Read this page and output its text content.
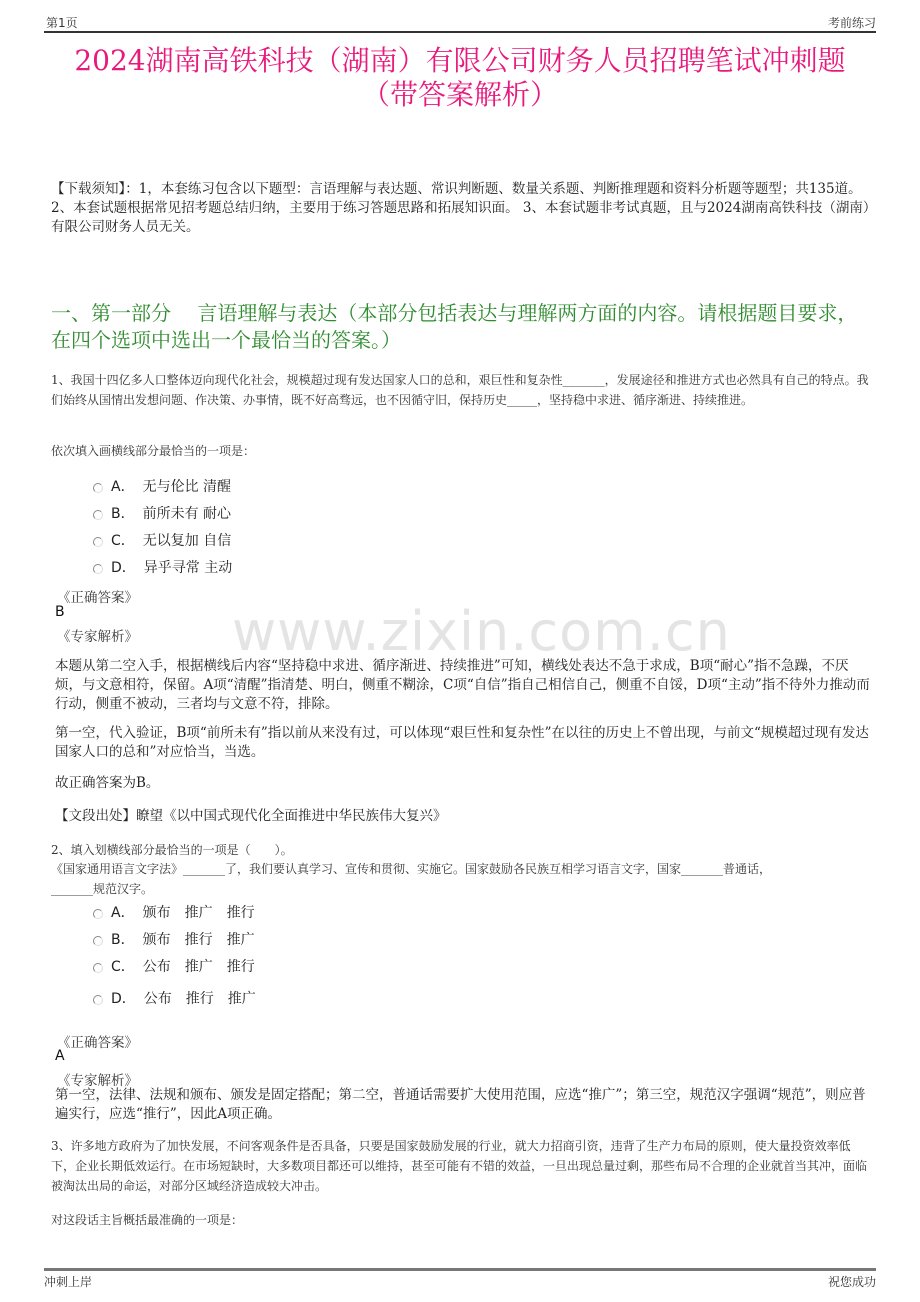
第1页	考前练习
2024湖南高铁科技（湖南）有限公司财务人员招聘笔试冲刺题
（带答案解析）
【下载须知】：1，本套练习包含以下题型：言语理解与表达题、常识判断题、数量关系题、判断推理题和资料分析题等题型；共135道。 2、本套试题根据常见招考题总结归纳，主要用于练习答题思路和拓展知识面。 3、本套试题非考试真题，且与2024湖南高铁科技（湖南）有限公司财务人员无关。
一、第一部分　 言语理解与表达（本部分包括表达与理解两方面的内容。请根据题目要求，在四个选项中选出一个最恰当的答案。）
www.zixin.com.cn
1、我国十四亿多人口整体迈向现代化社会，规模超过现有发达国家人口的总和，艰巨性和复杂性_______，发展途径和推进方式也必然具有自己的特点。我们始终从国情出发想问题、作决策、办事情，既不好高骛远，也不因循守旧，保持历史_____，坚持稳中求进、循序渐进、持续推进。
依次填入画横线部分最恰当的一项是：
A． 无与伦比 清醒
B． 前所未有 耐心
C． 无以复加 自信
D． 异乎寻常 主动
《正确答案》
B
《专家解析》
本题从第二空入手，根据横线后内容“坚持稳中求进、循序渐进、持续推进”可知，横线处表达不急于求成，B项“耐心”指不急躁，不厌烦，与文意相符，保留。A项“清醒”指清楚、明白，侧重不糊涂，C项“自信”指自己相信自己，侧重不自馁，D项“主动”指不待外力推动而行动，侧重不被动，三者均与文意不符，排除。
第一空，代入验证，B项“前所未有”指以前从来没有过，可以体现“艰巨性和复杂性”在以往的历史上不曾出现，与前文“规模超过现有发达国家人口的总和”对应恰当，当选。
故正确答案为B。
【文段出处】瞭望《以中国式现代化全面推进中华民族伟大复兴》
2、填入划横线部分最恰当的一项是（　　）。
《国家通用语言文字法》_______了，我们要认真学习、宣传和贯彻、实施它。国家鼓励各民族互相学习语言文字，国家_______普通话，_______规范汉字。
A． 颁布　推广　推行
B． 颁布　推行　推广
C． 公布　推广　推行
D． 公布　推行　推广
《正确答案》
A
《专家解析》
第一空，法律、法规和颁布、颁发是固定搭配；第二空，普通话需要扩大使用范围，应选“推广”；第三空，规范汉字强调“规范”，则应普遍实行，应选“推行”，因此A项正确。
3、许多地方政府为了加快发展，不问客观条件是否具备，只要是国家鼓励发展的行业，就大力招商引资，违背了生产力布局的原则，使大量投资效率低下，企业长期低效运行。在市场短缺时，大多数项目都还可以维持，甚至可能有不错的效益，一旦出现总量过剩，那些布局不合理的企业就首当其冲，面临被淘汰出局的命运，对部分区域经济造成较大冲击。
对这段话主旨概括最准确的一项是：
冲刺上岸	祝您成功
